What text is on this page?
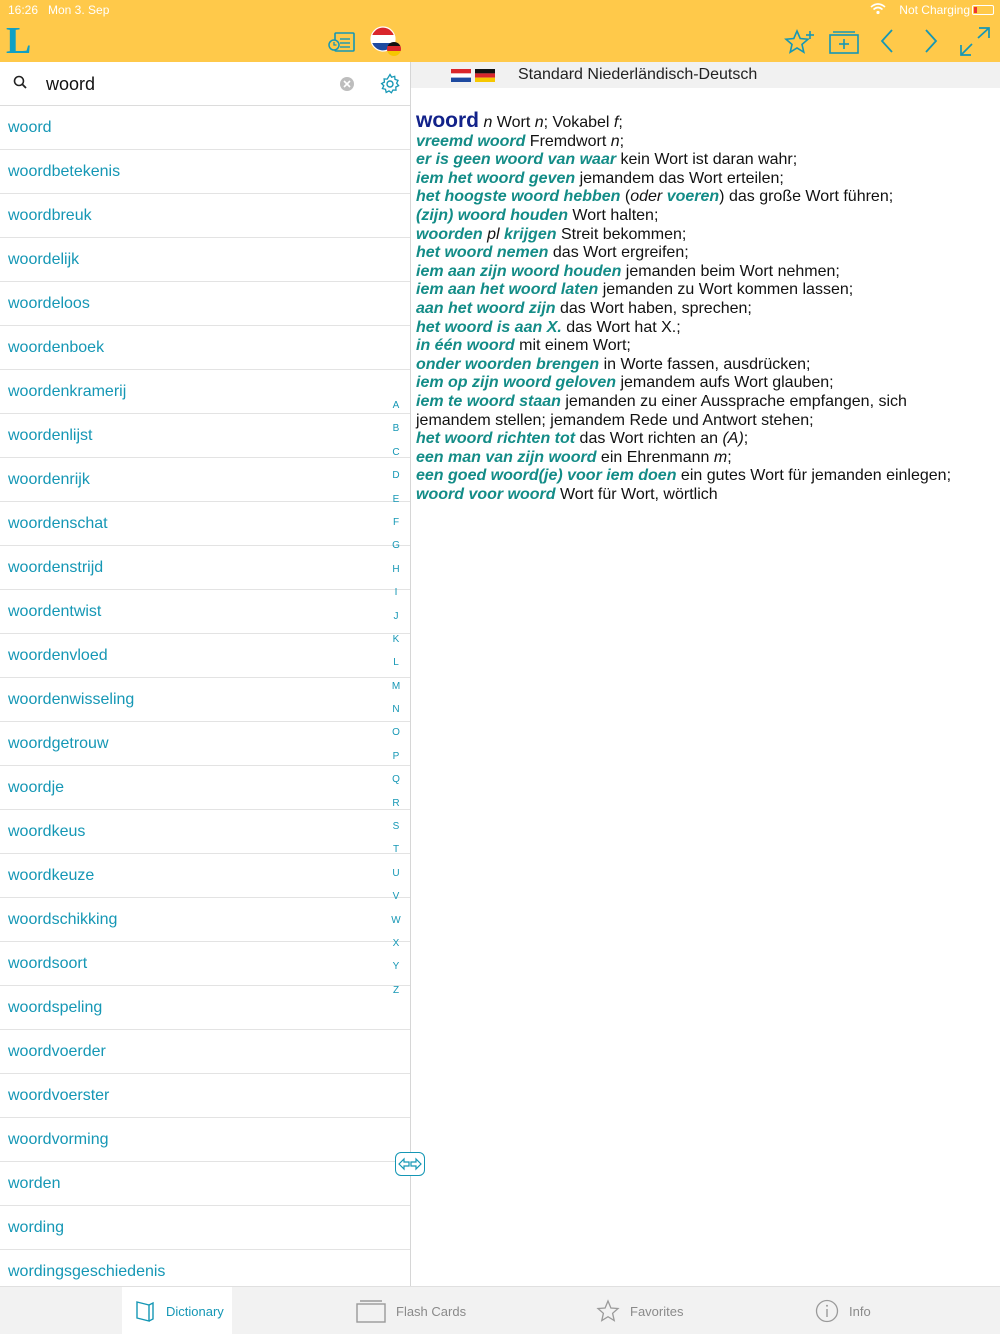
16:26 Mon 3. Sep	Not Charging
L
woord
woord
woordbetekenis
woordbreuk
woordelijk
woordeloos
woordenboek
woordenkramerij
woordenlijst
woordenrijk
woordenschat
woordenstrijd
woordentwist
woordenvloed
woordenwisseling
woordgetrouw
woordje
woordkeus
woordkeuze
woordschikking
woordsoort
woordspeling
woordvoerder
woordvoerster
woordvorming
worden
wording
wordingsgeschiedenis
A
B
C
D
E
F
G
H
I
J
K
L
M
N
O
P
Q
R
S
T
U
V
W
X
Y
Z
Standard Niederländisch-Deutsch
woord n Wort n; Vokabel f;
vreemd woord Fremdwort n;
er is geen woord van waar kein Wort ist daran wahr;
iem het woord geven jemandem das Wort erteilen;
het hoogste woord hebben (oder voeren) das große Wort führen;
(zijn) woord houden Wort halten;
woorden pl krijgen Streit bekommen;
het woord nemen das Wort ergreifen;
iem aan zijn woord houden jemanden beim Wort nehmen;
iem aan het woord laten jemanden zu Wort kommen lassen;
aan het woord zijn das Wort haben, sprechen;
het woord is aan X. das Wort hat X.;
in één woord mit einem Wort;
onder woorden brengen in Worte fassen, ausdrücken;
iem op zijn woord geloven jemandem aufs Wort glauben;
iem te woord staan jemanden zu einer Aussprache empfangen, sich jemandem stellen; jemandem Rede und Antwort stehen;
het woord richten tot das Wort richten an (A);
een man van zijn woord ein Ehrenmann m;
een goed woord(je) voor iem doen ein gutes Wort für jemanden einlegen;
woord voor woord Wort für Wort, wörtlich
Dictionary	Flash Cards	Favorites	Info
